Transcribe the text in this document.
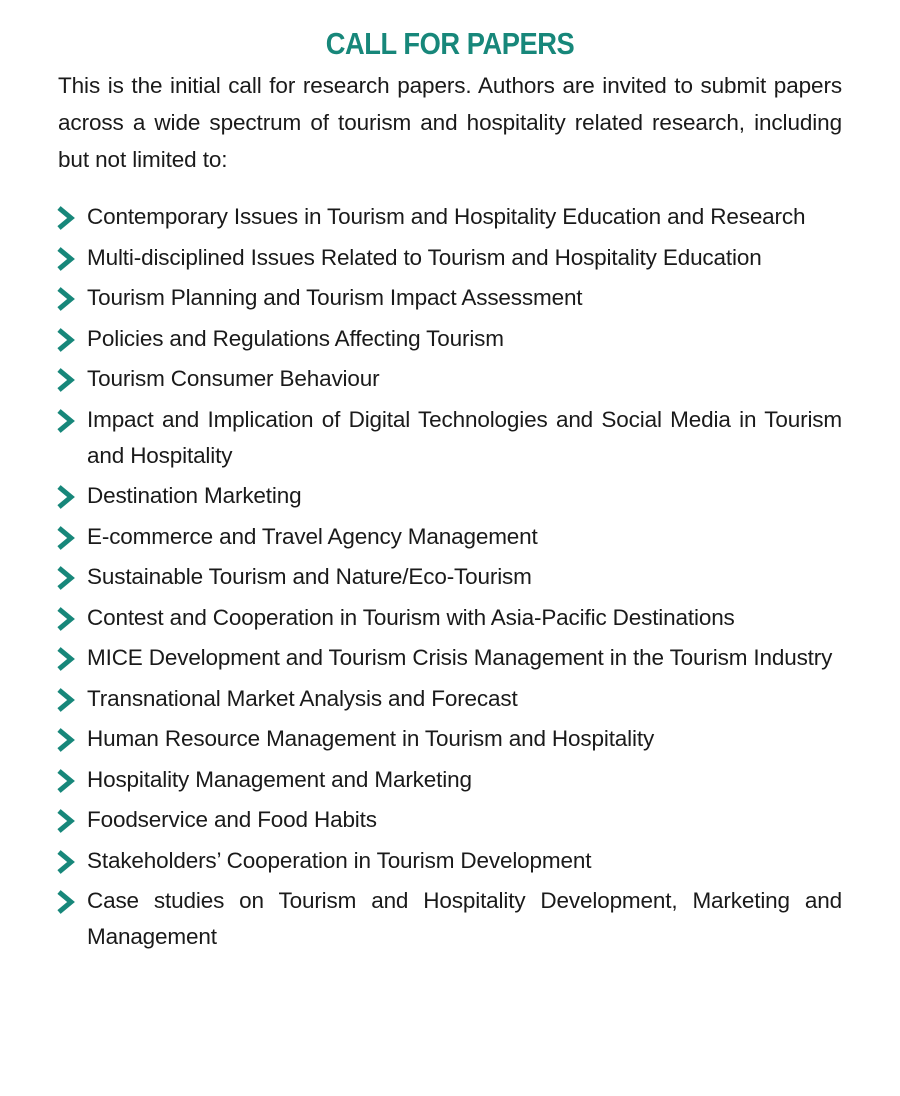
CALL FOR PAPERS

This is the initial call for research papers. Authors are invited to submit papers across a wide spectrum of tourism and hospitality related research, including but not limited to:

Contemporary Issues in Tourism and Hospitality Education and Research
Multi-disciplined Issues Related to Tourism and Hospitality Education
Tourism Planning and Tourism Impact Assessment
Policies and Regulations Affecting Tourism
Tourism Consumer Behaviour
Impact and Implication of Digital Technologies and Social Media in Tourism and Hospitality
Destination Marketing
E-commerce and Travel Agency Management
Sustainable Tourism and Nature/Eco-Tourism
Contest and Cooperation in Tourism with Asia-Pacific Destinations
MICE Development and Tourism Crisis Management in the Tourism Industry
Transnational Market Analysis and Forecast
Human Resource Management in Tourism and Hospitality
Hospitality Management and Marketing
Foodservice and Food Habits
Stakeholders’ Cooperation in Tourism Development
Case studies on Tourism and Hospitality Development, Marketing and Management
